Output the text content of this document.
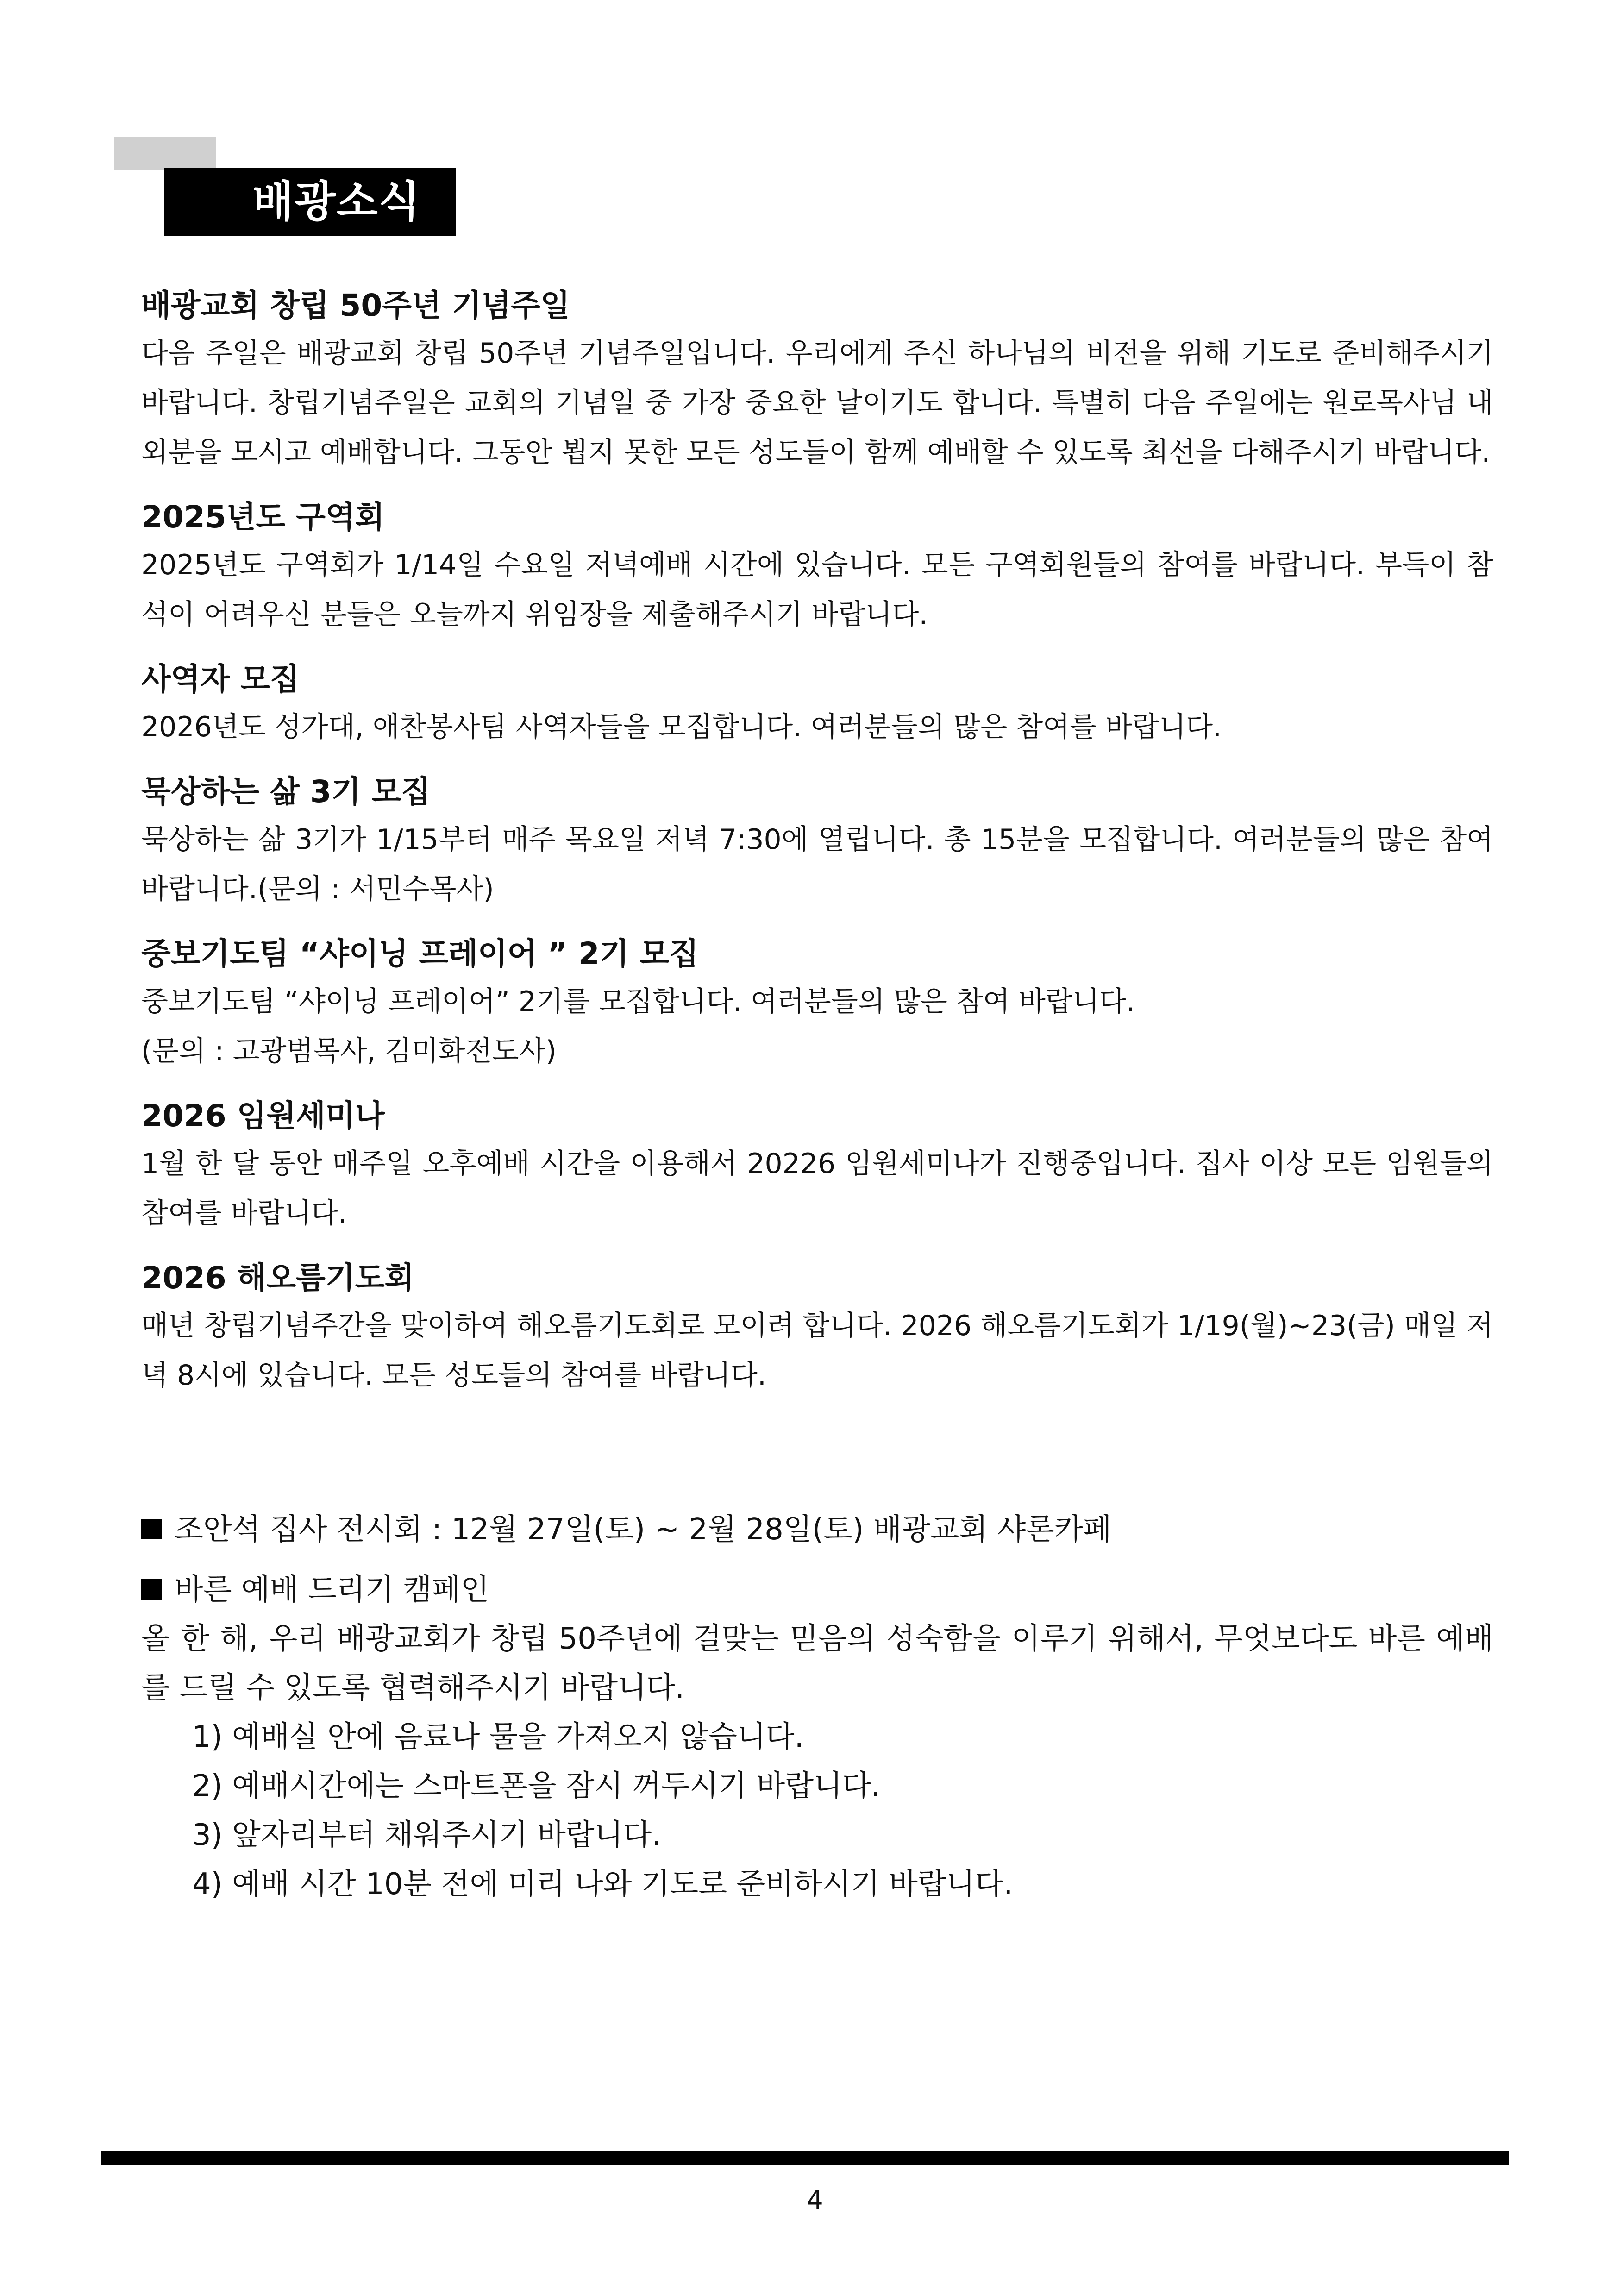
배광소식
배광교회 창립 50주년 기념주일

다음 주일은 배광교회 창립 50주년 기념주일입니다. 우리에게 주신 하나님의 비전을 위해 기도로 준비해주시기 바랍니다. 창립기념주일은 교회의 기념일 중 가장 중요한 날이기도 합니다. 특별히 다음 주일에는 원로목사님 내외분을 모시고 예배합니다. 그동안 뵙지 못한 모든 성도들이 함께 예배할 수 있도록 최선을 다해주시기 바랍니다.

2025년도 구역회

2025년도 구역회가 1/14일 수요일 저녁예배 시간에 있습니다. 모든 구역회원들의 참여를 바랍니다. 부득이 참석이 어려우신 분들은 오늘까지 위임장을 제출해주시기 바랍니다.

사역자 모집

2026년도 성가대, 애찬봉사팀 사역자들을 모집합니다. 여러분들의 많은 참여를 바랍니다.

묵상하는 삶 3기 모집

묵상하는 삶 3기가 1/15부터 매주 목요일 저녁 7:30에 열립니다. 총 15분을 모집합니다. 여러분들의 많은 참여 바랍니다.(문의 : 서민수목사)

중보기도팀 “샤이닝 프레이어 ” 2기 모집

중보기도팀 “샤이닝 프레이어” 2기를 모집합니다. 여러분들의 많은 참여 바랍니다.

(문의 : 고광범목사, 김미화전도사)

2026 임원세미나

1월 한 달 동안 매주일 오후예배 시간을 이용해서 20226 임원세미나가 진행중입니다. 집사 이상 모든 임원들의 참여를 바랍니다.

2026 해오름기도회

매년 창립기념주간을 맞이하여 해오름기도회로 모이려 합니다. 2026 해오름기도회가 1/19(월)~23(금) 매일 저녁 8시에 있습니다. 모든 성도들의 참여를 바랍니다.

조안석 집사 전시회 : 12월 27일(토) ~ 2월 28일(토) 배광교회 샤론카페

바른 예배 드리기 캠페인

올 한 해, 우리 배광교회가 창립 50주년에 걸맞는 믿음의 성숙함을 이루기 위해서, 무엇보다도 바른 예배를 드릴 수 있도록 협력해주시기 바랍니다.

1) 예배실 안에 음료나 물을 가져오지 않습니다.
2) 예배시간에는 스마트폰을 잠시 꺼두시기 바랍니다.
3) 앞자리부터 채워주시기 바랍니다.
4) 예배 시간 10분 전에 미리 나와 기도로 준비하시기 바랍니다.
4
